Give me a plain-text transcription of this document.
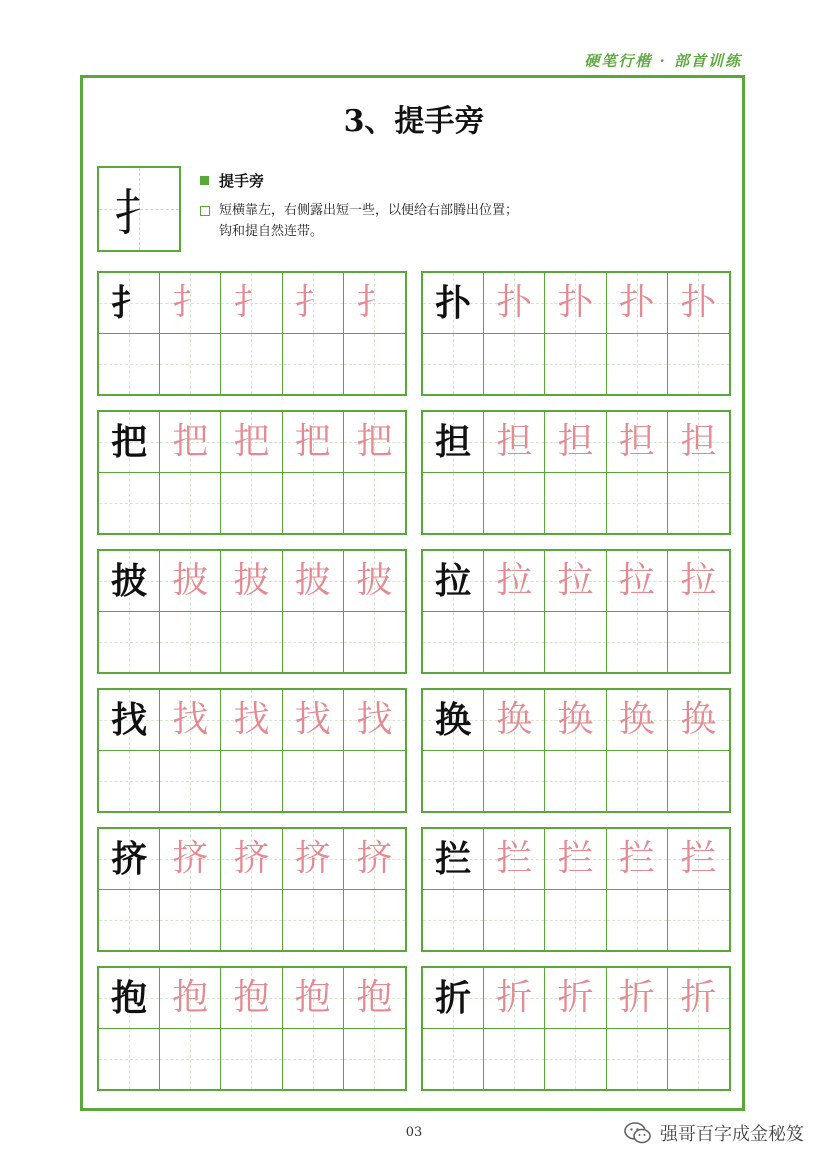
硬笔行楷 · 部首训练
3、提手旁
扌
提手旁
短横靠左，右侧露出短一些，以便给右部腾出位置；
钩和提自然连带。
扌 扌 扌 扌 扌 扑 扑 扑 扑 扑
把 把 把 把 把 担 担 担 担 担
披 披 披 披 披 拉 拉 拉 拉 拉
找 找 找 找 找 换 换 换 换 换
挤 挤 挤 挤 挤 拦 拦 拦 拦 拦
抱 抱 抱 抱 抱 折 折 折 折 折
03	强哥百字成金秘笈
